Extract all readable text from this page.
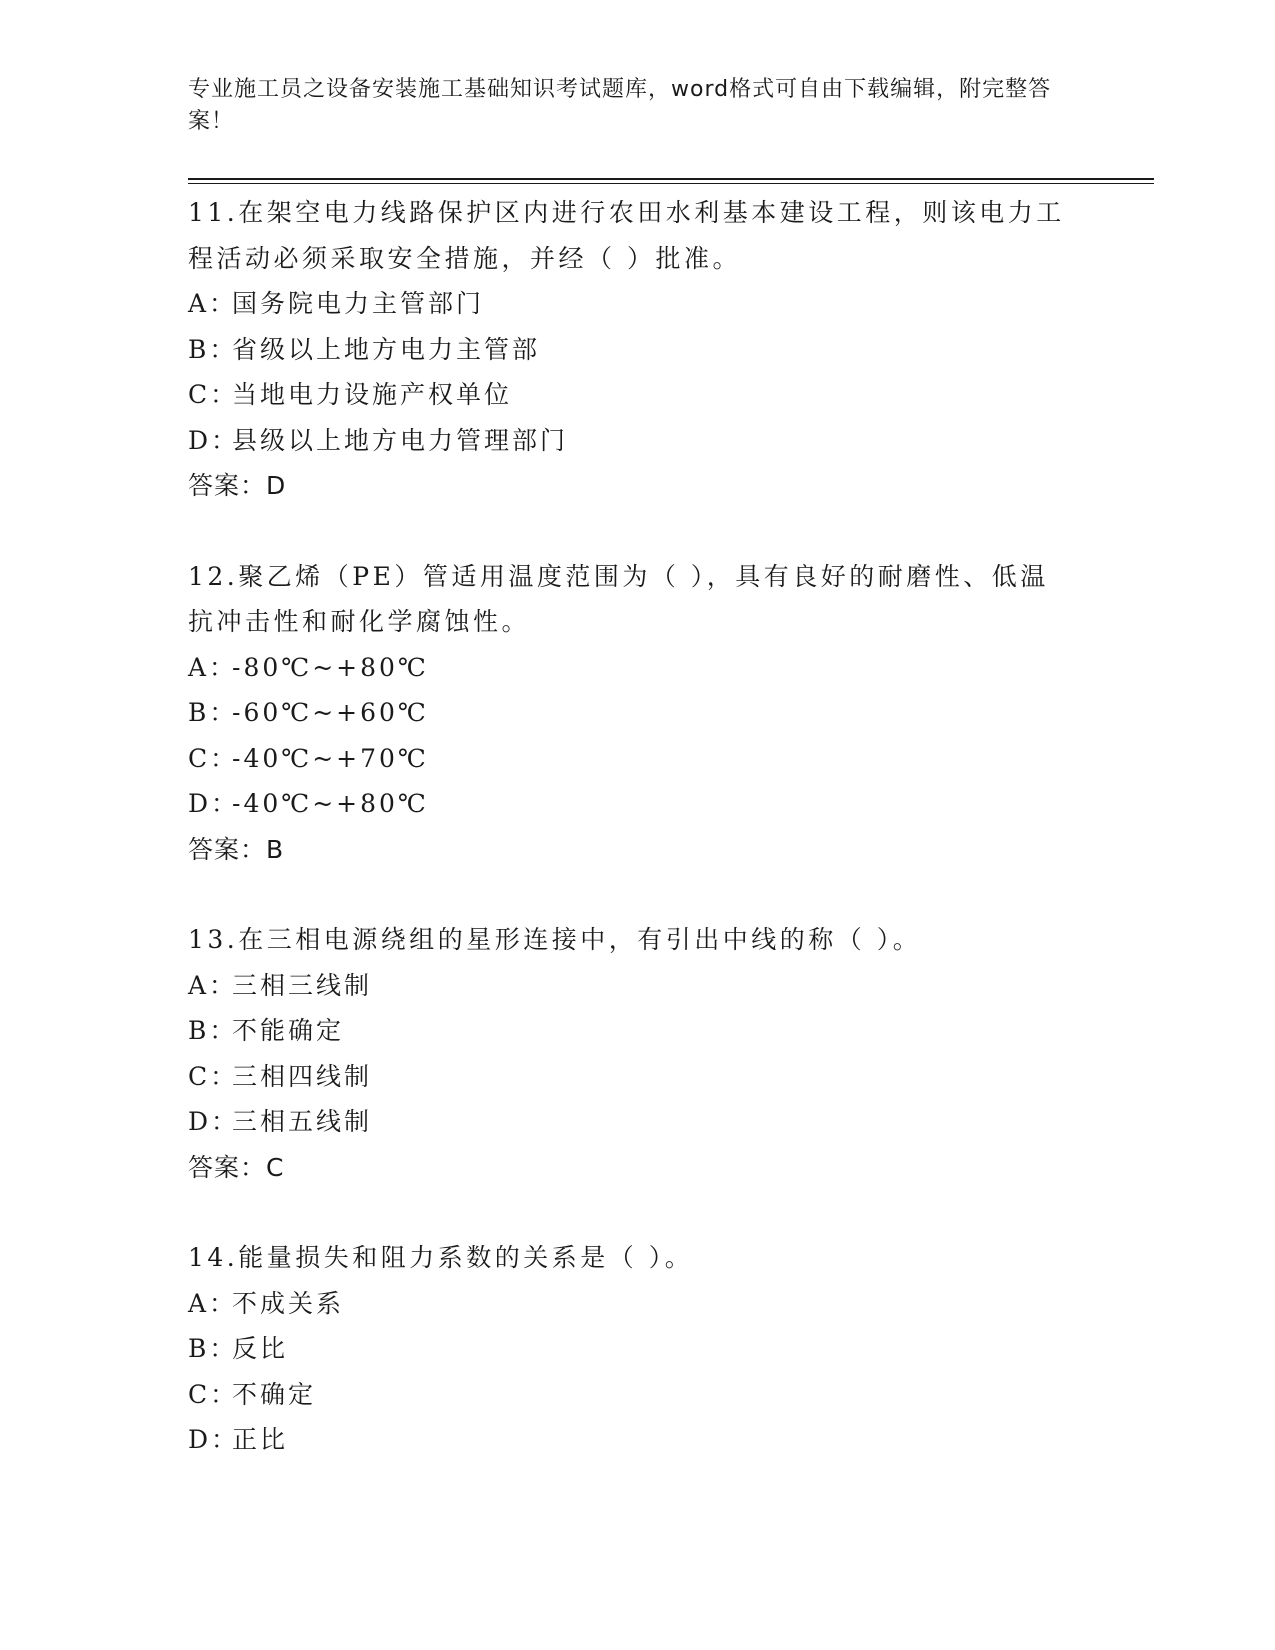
专业施工员之设备安装施工基础知识考试题库，word格式可自由下载编辑，附完整答案！

11.在架空电力线路保护区内进行农田水利基本建设工程，则该电力工程活动必须采取安全措施，并经（ ）批准。

A：国务院电力主管部门

B：省级以上地方电力主管部

C：当地电力设施产权单位

D：县级以上地方电力管理部门

答案：D

12.聚乙烯（PE）管适用温度范围为（ ），具有良好的耐磨性、低温抗冲击性和耐化学腐蚀性。

A：-80℃~+80℃

B：-60℃~+60℃

C：-40℃~+70℃

D：-40℃~+80℃

答案：B

13.在三相电源绕组的星形连接中，有引出中线的称（ ）。

A：三相三线制

B：不能确定

C：三相四线制

D：三相五线制

答案：C

14.能量损失和阻力系数的关系是（ ）。

A：不成关系

B：反比

C：不确定

D：正比
